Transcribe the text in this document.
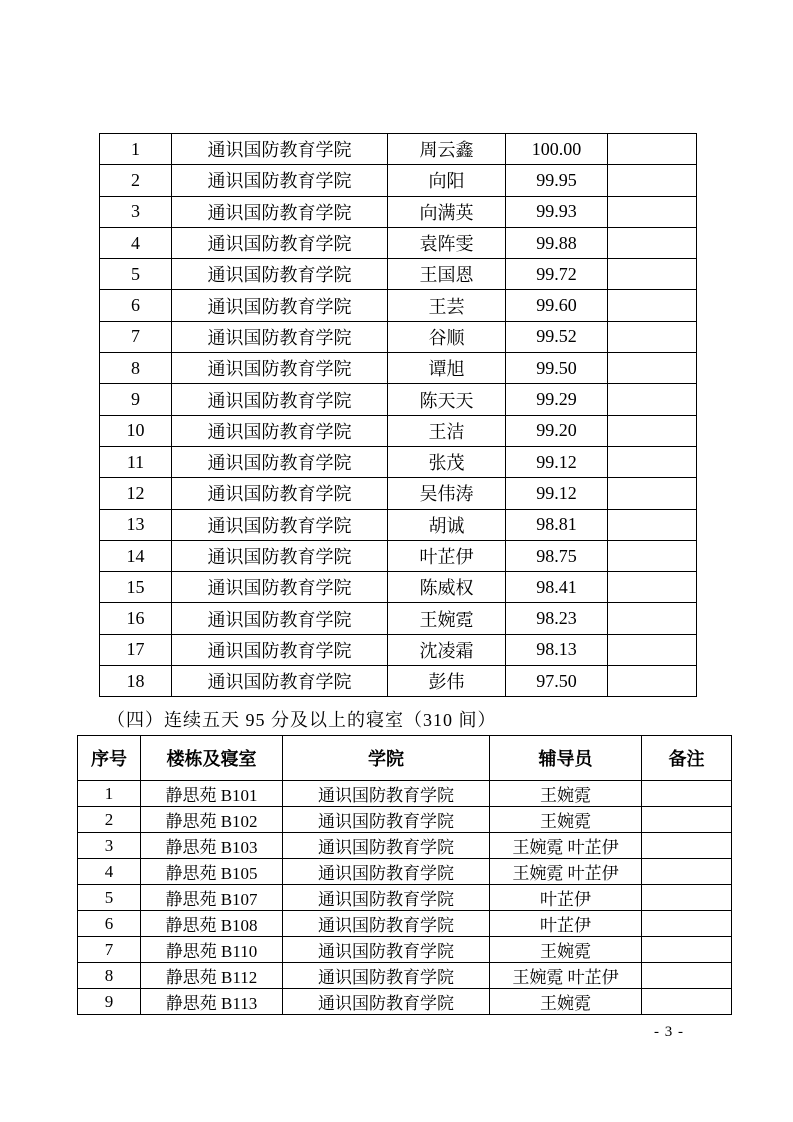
1	通识国防教育学院	周云鑫	100.00	
2	通识国防教育学院	向阳	99.95	
3	通识国防教育学院	向满英	99.93	
4	通识国防教育学院	袁阵雯	99.88	
5	通识国防教育学院	王国恩	99.72	
6	通识国防教育学院	王芸	99.60	
7	通识国防教育学院	谷顺	99.52	
8	通识国防教育学院	谭旭	99.50	
9	通识国防教育学院	陈天天	99.29	
10	通识国防教育学院	王洁	99.20	
11	通识国防教育学院	张茂	99.12	
12	通识国防教育学院	吴伟涛	99.12	
13	通识国防教育学院	胡诚	98.81	
14	通识国防教育学院	叶芷伊	98.75	
15	通识国防教育学院	陈威权	98.41	
16	通识国防教育学院	王婉霓	98.23	
17	通识国防教育学院	沈凌霜	98.13	
18	通识国防教育学院	彭伟	97.50	
（四）连续五天 95 分及以上的寝室（310 间）
序号	楼栋及寝室	学院	辅导员	备注
1	静思苑 B101	通识国防教育学院	王婉霓	
2	静思苑 B102	通识国防教育学院	王婉霓	
3	静思苑 B103	通识国防教育学院	王婉霓 叶芷伊	
4	静思苑 B105	通识国防教育学院	王婉霓 叶芷伊	
5	静思苑 B107	通识国防教育学院	叶芷伊	
6	静思苑 B108	通识国防教育学院	叶芷伊	
7	静思苑 B110	通识国防教育学院	王婉霓	
8	静思苑 B112	通识国防教育学院	王婉霓 叶芷伊	
9	静思苑 B113	通识国防教育学院	王婉霓	
- 3 -
